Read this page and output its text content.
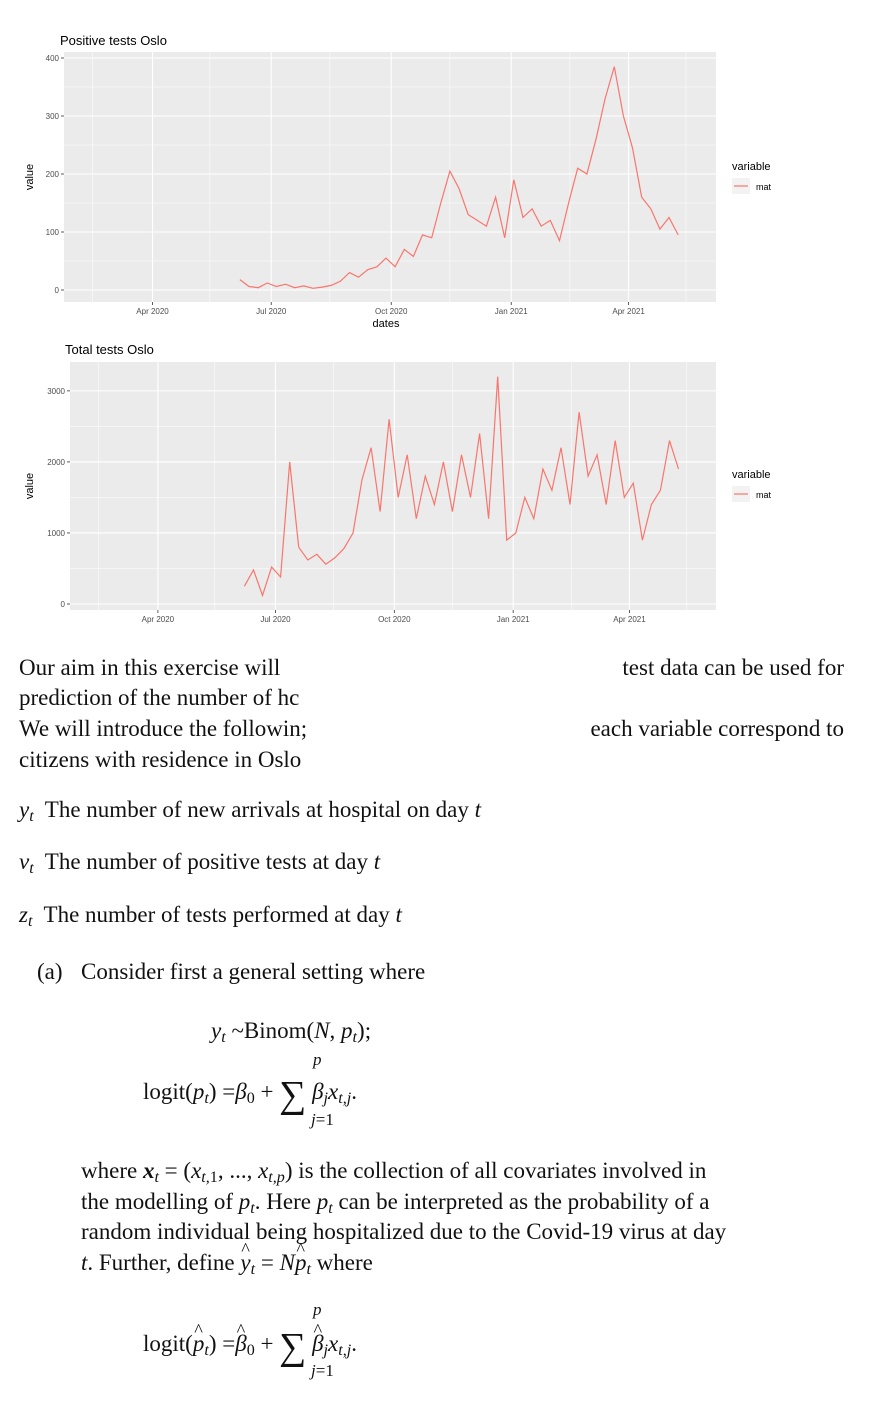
Positive tests Oslo
0
100
200
300
400
Apr 2020	Jul 2020	Oct 2020	Jan 2021	Apr 2021
dates
value	variable
mat
Total tests Oslo
0
1000
2000
3000
Apr 2020	Jul 2020	Oct 2020	Jan 2021	Apr 2021
value	variable
mat
Our aim in this exercise will	test data can be used for
prediction of the number of hc
We will introduce the followin;	each variable correspond to
citizens with residence in Oslo
$y_t$ The number of new arrivals at hospital on day t
$v_t$ The number of positive tests at day t
$z_t$ The number of tests performed at day t
(a) Consider first a general setting where
$y_t$ ~Binom(N, $p_t$);
$logit(p_t) =\beta_0$ + ∑ $\beta_jx_{t,j}$.
p
j=1
where $x_t = (x_{t,1}$, ..., $x_{t,p}$) is the collection of all covariates involved in
the modelling of $p_t$. Here $p_t$ can be interpreted as the probability of a
random individual being hospitalized due to the Covid-19 virus at day
t. Further, define ^ $y_t$ = N^ $p_t$ where
logit(^ $p_t$) =^ $\beta_0$ + ∑ ^ $\beta_jx_{t,j}$.
p
j=1
